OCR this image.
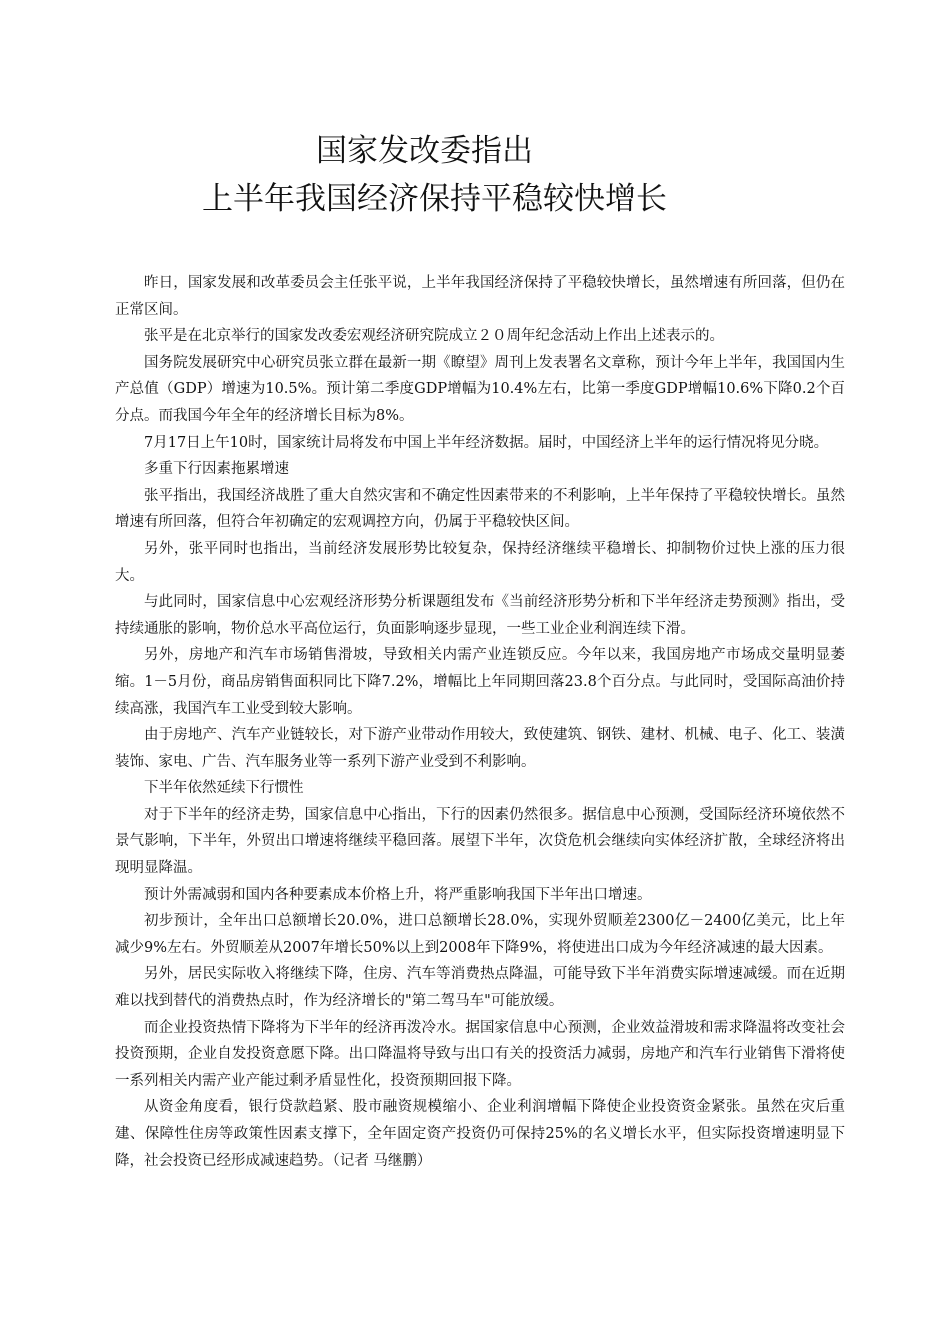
国家发改委指出
上半年我国经济保持平稳较快增长

昨日，国家发展和改革委员会主任张平说，上半年我国经济保持了平稳较快增长，虽然增速有所回落，但仍在正常区间。

张平是在北京举行的国家发改委宏观经济研究院成立２０周年纪念活动上作出上述表示的。

国务院发展研究中心研究员张立群在最新一期《瞭望》周刊上发表署名文章称，预计今年上半年，我国国内生产总值（GDP）增速为10.5%。预计第二季度GDP增幅为10.4%左右，比第一季度GDP增幅10.6%下降0.2个百分点。而我国今年全年的经济增长目标为8%。

7月17日上午10时，国家统计局将发布中国上半年经济数据。届时，中国经济上半年的运行情况将见分晓。

多重下行因素拖累增速

张平指出，我国经济战胜了重大自然灾害和不确定性因素带来的不利影响，上半年保持了平稳较快增长。虽然增速有所回落，但符合年初确定的宏观调控方向，仍属于平稳较快区间。

另外，张平同时也指出，当前经济发展形势比较复杂，保持经济继续平稳增长、抑制物价过快上涨的压力很大。

与此同时，国家信息中心宏观经济形势分析课题组发布《当前经济形势分析和下半年经济走势预测》指出，受持续通胀的影响，物价总水平高位运行，负面影响逐步显现，一些工业企业利润连续下滑。

另外，房地产和汽车市场销售滑坡，导致相关内需产业连锁反应。今年以来，我国房地产市场成交量明显萎缩。1－5月份，商品房销售面积同比下降7.2%，增幅比上年同期回落23.8个百分点。与此同时，受国际高油价持续高涨，我国汽车工业受到较大影响。

由于房地产、汽车产业链较长，对下游产业带动作用较大，致使建筑、钢铁、建材、机械、电子、化工、装潢装饰、家电、广告、汽车服务业等一系列下游产业受到不利影响。

下半年依然延续下行惯性

对于下半年的经济走势，国家信息中心指出，下行的因素仍然很多。据信息中心预测，受国际经济环境依然不景气影响，下半年，外贸出口增速将继续平稳回落。展望下半年，次贷危机会继续向实体经济扩散，全球经济将出现明显降温。

预计外需减弱和国内各种要素成本价格上升，将严重影响我国下半年出口增速。

初步预计，全年出口总额增长20.0%，进口总额增长28.0%，实现外贸顺差2300亿－2400亿美元，比上年减少9%左右。外贸顺差从2007年增长50%以上到2008年下降9%，将使进出口成为今年经济减速的最大因素。

另外，居民实际收入将继续下降，住房、汽车等消费热点降温，可能导致下半年消费实际增速减缓。而在近期难以找到替代的消费热点时，作为经济增长的"第二驾马车"可能放缓。

而企业投资热情下降将为下半年的经济再泼冷水。据国家信息中心预测，企业效益滑坡和需求降温将改变社会投资预期，企业自发投资意愿下降。出口降温将导致与出口有关的投资活力减弱，房地产和汽车行业销售下滑将使一系列相关内需产业产能过剩矛盾显性化，投资预期回报下降。

从资金角度看，银行贷款趋紧、股市融资规模缩小、企业利润增幅下降使企业投资资金紧张。虽然在灾后重建、保障性住房等政策性因素支撑下，全年固定资产投资仍可保持25%的名义增长水平，但实际投资增速明显下降，社会投资已经形成减速趋势。（记者 马继鹏）
